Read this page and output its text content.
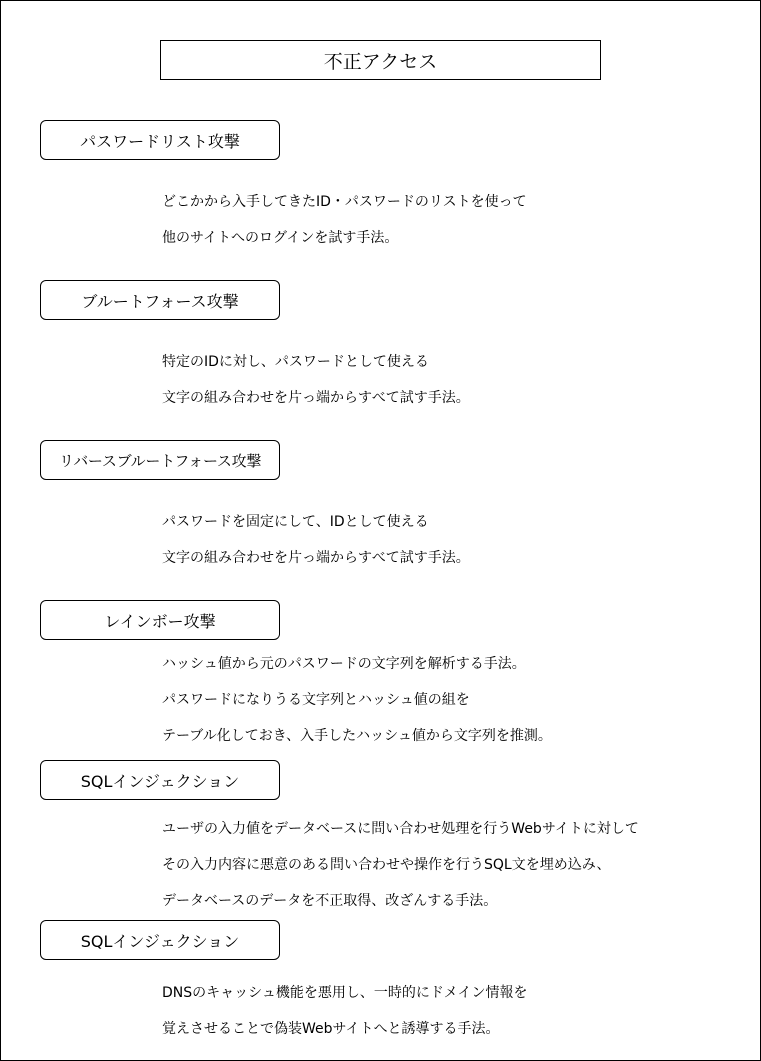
不正アクセス
パスワードリスト攻撃
どこかから入手してきたID・パスワードのリストを使って
他のサイトへのログインを試す手法。
ブルートフォース攻撃
特定のIDに対し、パスワードとして使える
文字の組み合わせを片っ端からすべて試す手法。
リバースブルートフォース攻撃
パスワードを固定にして、IDとして使える
文字の組み合わせを片っ端からすべて試す手法。
レインボー攻撃
ハッシュ値から元のパスワードの文字列を解析する手法。
パスワードになりうる文字列とハッシュ値の組を
テーブル化しておき、入手したハッシュ値から文字列を推測。
SQLインジェクション
ユーザの入力値をデータベースに問い合わせ処理を行うWebサイトに対して
その入力内容に悪意のある問い合わせや操作を行うSQL文を埋め込み、
データベースのデータを不正取得、改ざんする手法。
SQLインジェクション
DNSのキャッシュ機能を悪用し、一時的にドメイン情報を
覚えさせることで偽装Webサイトへと誘導する手法。
